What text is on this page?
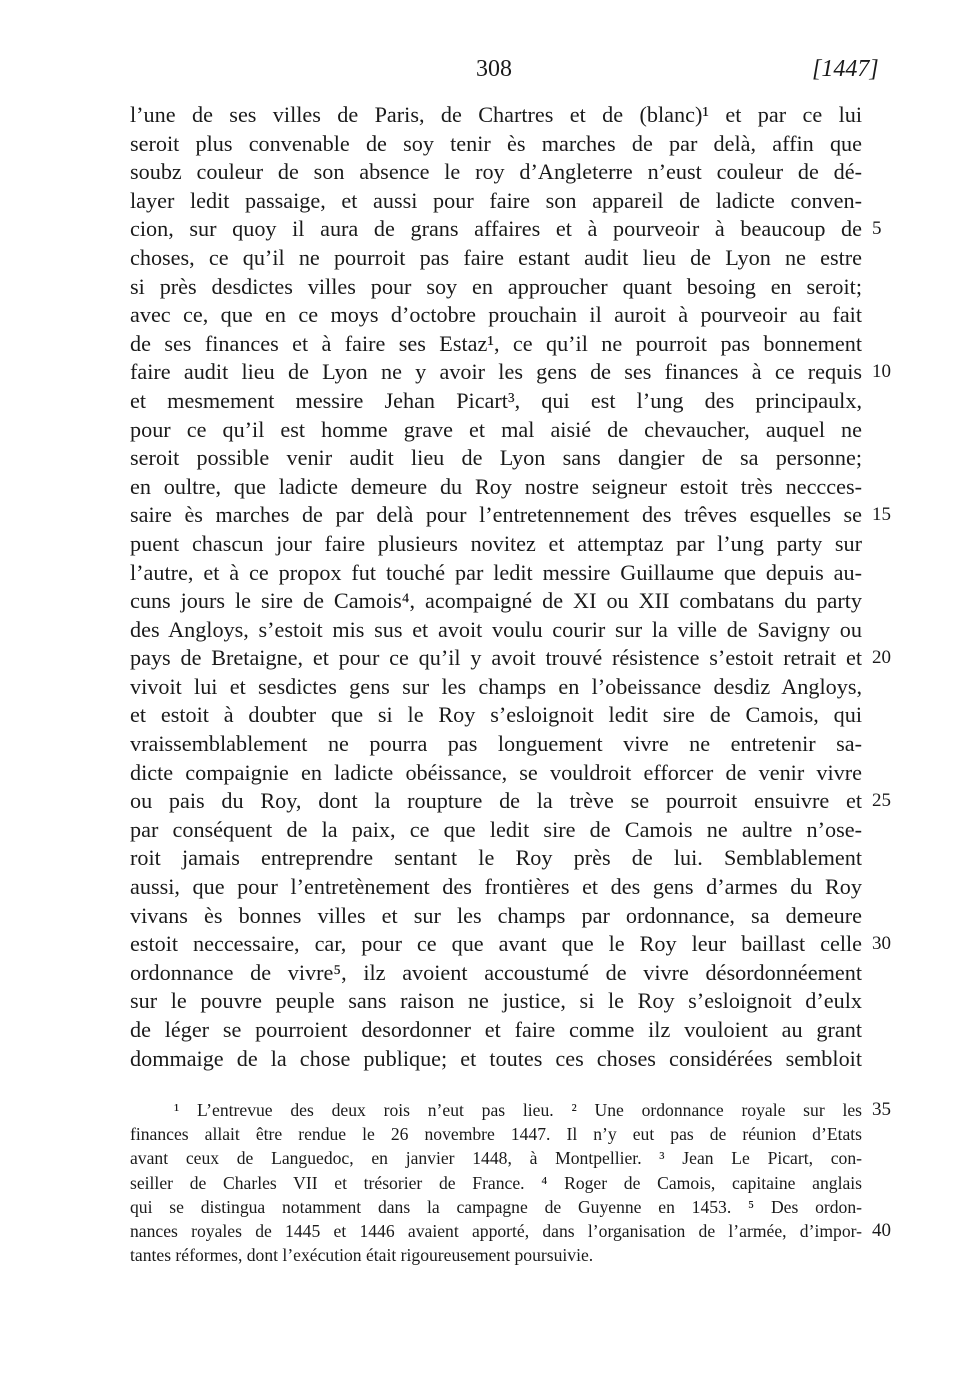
308	[1447]
l’une de ses villes de Paris, de Chartres et de (blanc)¹ et par ce lui
seroit plus convenable de soy tenir ès marches de par delà, affin que
soubz couleur de son absence le roy d’Angleterre n’eust couleur de dé-
layer ledit passaige, et aussi pour faire son appareil de ladicte conven-
cion, sur quoy il aura de grans affaires et à pourveoir à beaucoup de
choses, ce qu’il ne pourroit pas faire estant audit lieu de Lyon ne estre
si près desdictes villes pour soy en approucher quant besoing en seroit;
avec ce, que en ce moys d’octobre prouchain il auroit à pourveoir au fait
de ses finances et à faire ses Estaz¹, ce qu’il ne pourroit pas bonnement
faire audit lieu de Lyon ne y avoir les gens de ses finances à ce requis
et mesmement messire Jehan Picart³, qui est l’ung des principaulx,
pour ce qu’il est homme grave et mal aisié de chevaucher, auquel ne
seroit possible venir audit lieu de Lyon sans dangier de sa personne;
en oultre, que ladicte demeure du Roy nostre seigneur estoit très neccces-
saire ès marches de par delà pour l’entretennement des trêves esquelles se
puent chascun jour faire plusieurs novitez et attemptaz par l’ung party sur
l’autre, et à ce propox fut touché par ledit messire Guillaume que depuis au-
cuns jours le sire de Camois⁴, acompaigné de XI ou XII combatans du party
des Angloys, s’estoit mis sus et avoit voulu courir sur la ville de Savigny ou
pays de Bretaigne, et pour ce qu’il y avoit trouvé résistence s’estoit retrait et
vivoit lui et sesdictes gens sur les champs en l’obeissance desdiz Angloys,
et estoit à doubter que si le Roy s’esloignoit ledit sire de Camois, qui
vraissemblablement ne pourra pas longuement vivre ne entretenir sa-
dicte compaignie en ladicte obéissance, se vouldroit efforcer de venir vivre
ou pais du Roy, dont la roupture de la trève se pourroit ensuivre et
par conséquent de la paix, ce que ledit sire de Camois ne aultre n’ose-
roit jamais entreprendre sentant le Roy près de lui. Semblablement
aussi, que pour l’entretènement des frontières et des gens d’armes du Roy
vivans ès bonnes villes et sur les champs par ordonnance, sa demeure
estoit neccessaire, car, pour ce que avant que le Roy leur baillast celle
ordonnance de vivre⁵, ilz avoient accoustumé de vivre désordonnéement
sur le pouvre peuple sans raison ne justice, si le Roy s’esloignoit d’eulx
de léger se pourroient desordonner et faire comme ilz vouloient au grant
dommaige de la chose publique; et toutes ces choses considérées sembloit
5
10
15
20
25
30
¹ L’entrevue des deux rois n’eut pas lieu. ² Une ordonnance royale sur les
finances allait être rendue le 26 novembre 1447. Il n’y eut pas de réunion d’Etats
avant ceux de Languedoc, en janvier 1448, à Montpellier. ³ Jean Le Picart, con-
seiller de Charles VII et trésorier de France. ⁴ Roger de Camois, capitaine anglais
qui se distingua notamment dans la campagne de Guyenne en 1453. ⁵ Des ordon-
nances royales de 1445 et 1446 avaient apporté, dans l’organisation de l’armée, d’impor-
tantes réformes, dont l’exécution était rigoureusement poursuivie.
35
40
